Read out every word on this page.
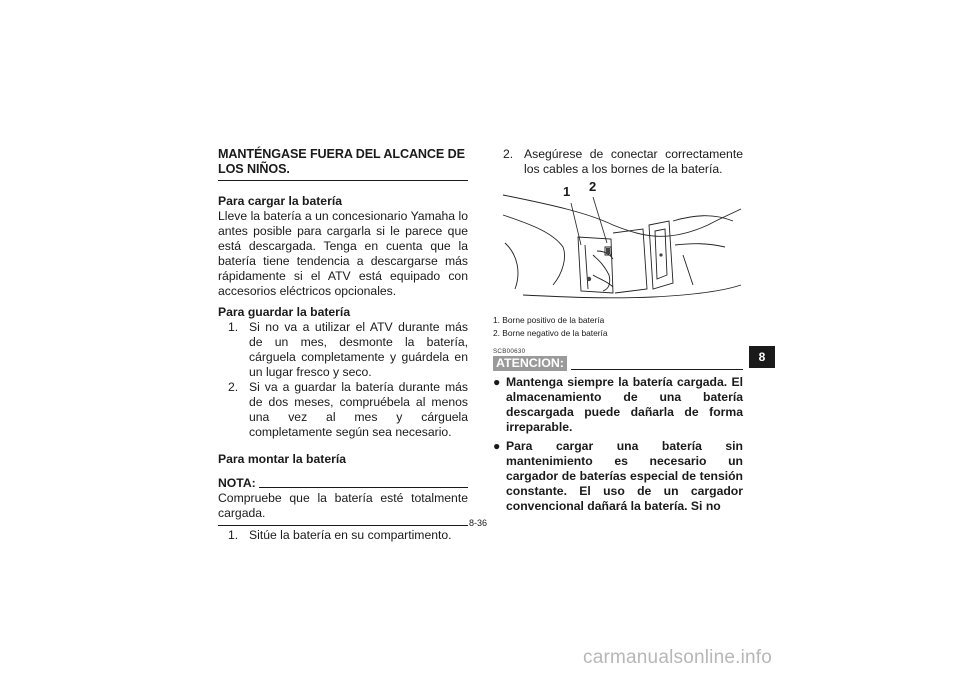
MANTÉNGASE FUERA DEL ALCANCE DE LOS NIÑOS.
Para cargar la batería
Lleve la batería a un concesionario Yamaha lo antes posible para cargarla si le parece que está descargada. Tenga en cuenta que la batería tiene tendencia a descargarse más rápidamente si el ATV está equipado con accesorios eléctricos opcionales.
Para guardar la batería
1. Si no va a utilizar el ATV durante más de un mes, desmonte la batería, cárguela completamente y guárdela en un lugar fresco y seco.
2. Si va a guardar la batería durante más de dos meses, compruébela al menos una vez al mes y cárguela completamente según sea necesario.
Para montar la batería
NOTA:
Compruebe que la batería esté totalmente cargada.
1. Sitúe la batería en su compartimento.
2. Asegúrese de conectar correctamente los cables a los bornes de la batería.
1 2
1. Borne positivo de la batería
2. Borne negativo de la batería
SCB00630
ATENCION:
● Mantenga siempre la batería cargada. El almacenamiento de una batería descargada puede dañarla de forma irreparable.
● Para cargar una batería sin mantenimiento es necesario un cargador de baterías especial de tensión constante. El uso de un cargador convencional dañará la batería. Si no
8-36
8
carmanualsonline.info
